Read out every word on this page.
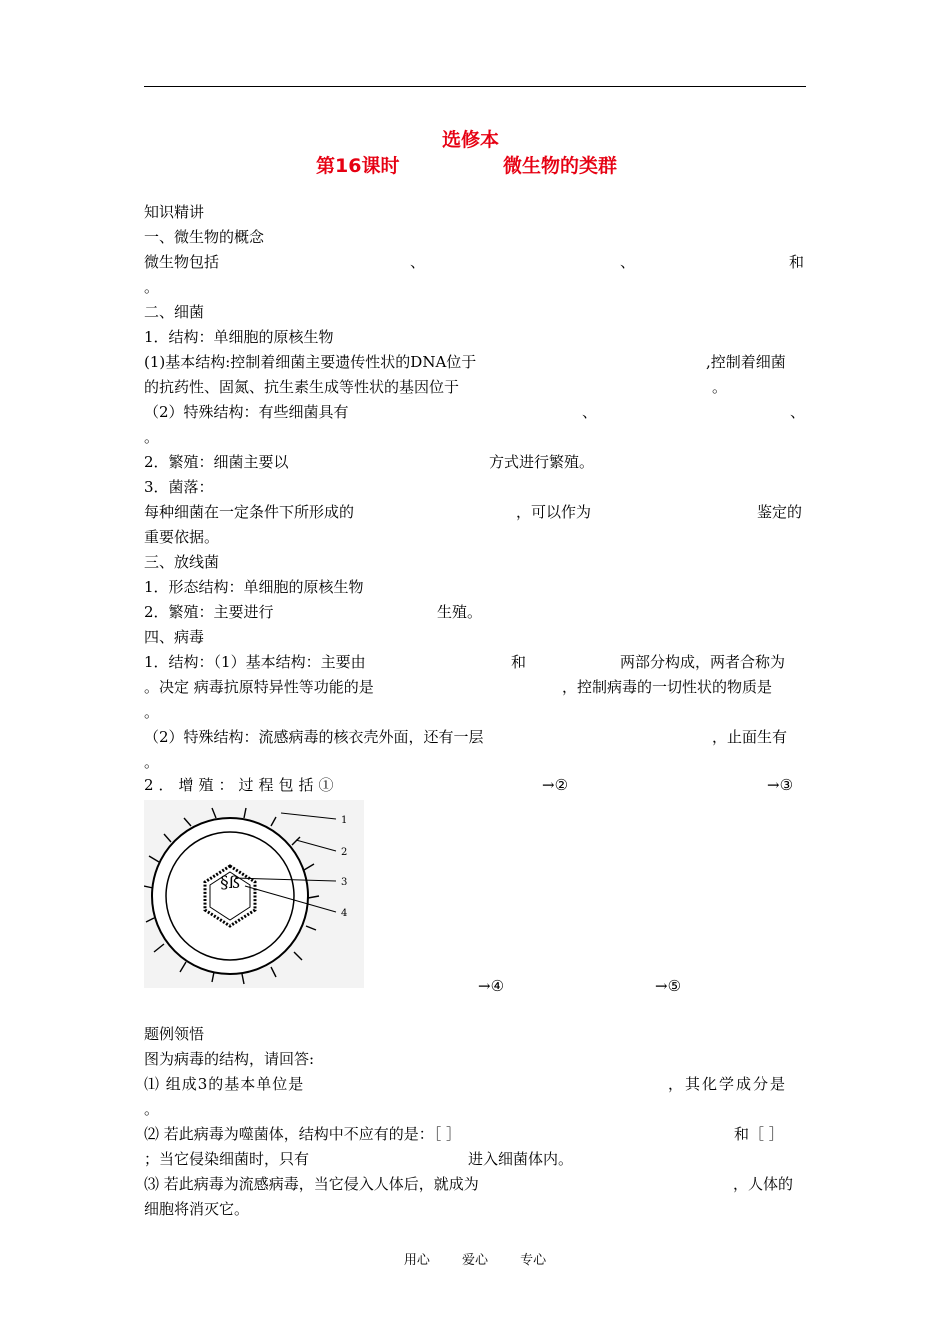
选修本
第16课时	微生物的类群
知识精讲
一、微生物的概念
微生物包括	、	、	和
。
二、细菌
1．结构：单细胞的原核生物
(1)基本结构:控制着细菌主要遗传性状的DNA位于	,控制着细菌
的抗药性、固氮、抗生素生成等性状的基因位于	。
（2）特殊结构：有些细菌具有	、	、
。
2．繁殖：细菌主要以	方式进行繁殖。
3．菌落：
每种细菌在一定条件下所形成的	，可以作为	鉴定的
重要依据。
三、放线菌
1．形态结构：单细胞的原核生物
2．繁殖：主要进行	生殖。
四、病毒
1．结构：（1）基本结构：主要由	和	两部分构成，两者合称为
。决定 病毒抗原特异性等功能的是	，控制病毒的一切性状的物质是
。
（2）特殊结构：流感病毒的核衣壳外面，还有一层	，止面生有
。
2．增殖：过程包括①	→②	→③
§ß
1
2
3
4
→④	→⑤
题例领悟
图为病毒的结构，请回答:
⑴ 组成3的基本单位是	，其化学成分是
。
⑵ 若此病毒为噬菌体，结构中不应有的是：［ ］	和［ ］
；当它侵染细菌时，只有	进入细菌体内。
⑶ 若此病毒为流感病毒，当它侵入人体后，就成为	，人体的
细胞将消灭它。
用心 爱心 专心
